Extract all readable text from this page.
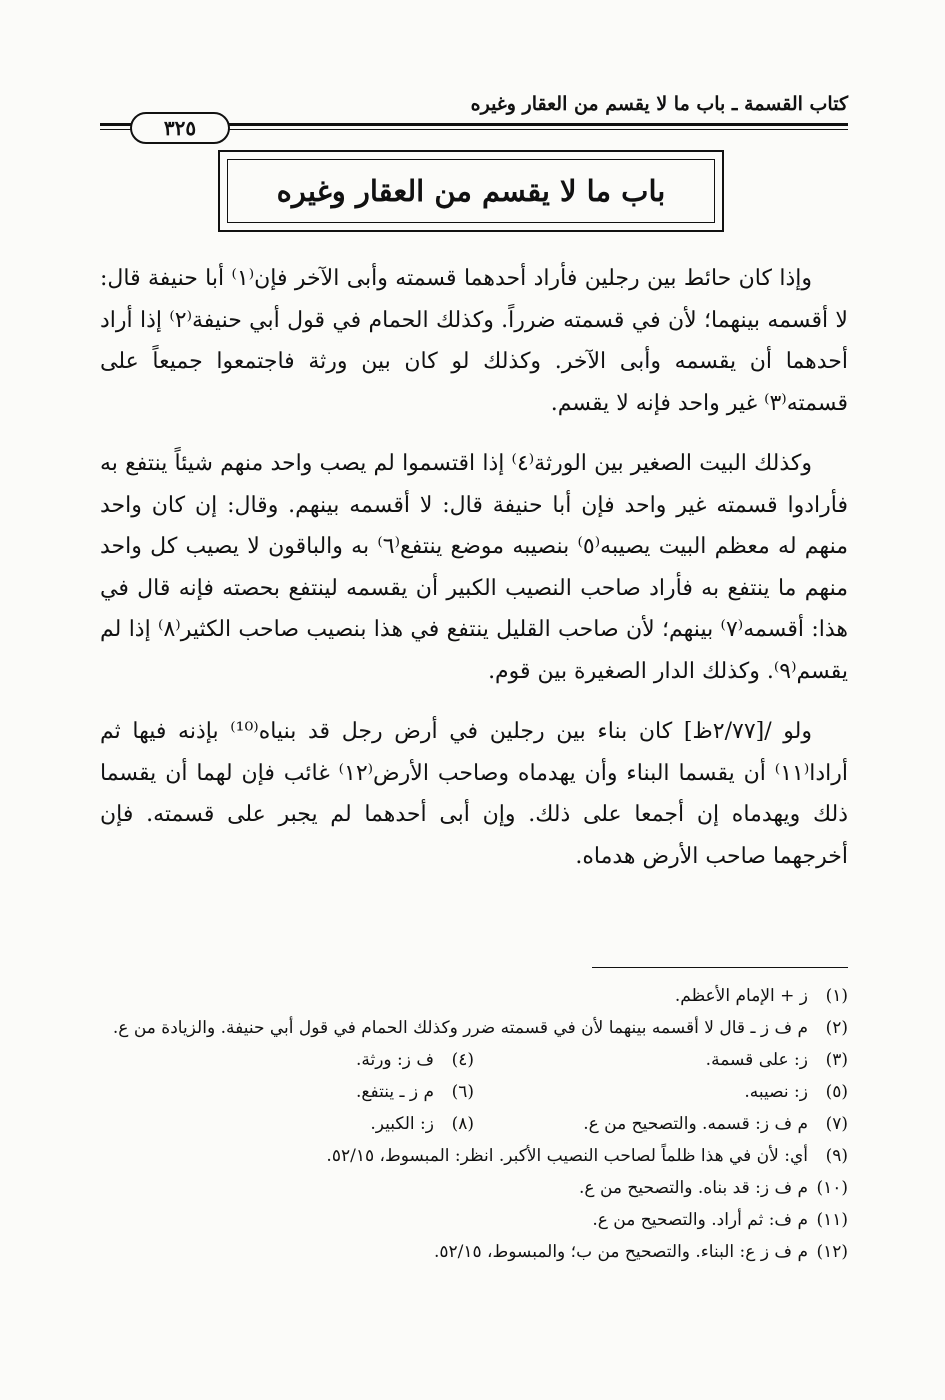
كتاب القسمة ـ باب ما لا يقسم من العقار وغيره
٣٢٥
باب ما لا يقسم من العقار وغيره

وإذا كان حائط بين رجلين فأراد أحدهما قسمته وأبى الآخر فإن⁽١⁾ أبا حنيفة قال: لا أقسمه بينهما؛ لأن في قسمته ضرراً. وكذلك الحمام في قول أبي حنيفة⁽٢⁾ إذا أراد أحدهما أن يقسمه وأبى الآخر. وكذلك لو كان بين ورثة فاجتمعوا جميعاً على قسمته⁽٣⁾ غير واحد فإنه لا يقسم.

وكذلك البيت الصغير بين الورثة⁽٤⁾ إذا اقتسموا لم يصب واحد منهم شيئاً ينتفع به فأرادوا قسمته غير واحد فإن أبا حنيفة قال: لا أقسمه بينهم. وقال: إن كان واحد منهم له معظم البيت يصيبه⁽٥⁾ بنصيبه موضع ينتفع⁽٦⁾ به والباقون لا يصيب كل واحد منهم ما ينتفع به فأراد صاحب النصيب الكبير أن يقسمه لينتفع بحصته فإنه قال في هذا: أقسمه⁽٧⁾ بينهم؛ لأن صاحب القليل ينتفع في هذا بنصيب صاحب الكثير⁽٨⁾ إذا لم يقسم⁽٩⁾. وكذلك الدار الصغيرة بين قوم.

ولو /[٢/٧٧ظ] كان بناء بين رجلين في أرض رجل قد بنياه⁽¹⁰⁾ بإذنه فيها ثم أرادا⁽١١⁾ أن يقسما البناء وأن يهدماه وصاحب الأرض⁽١٢⁾ غائب فإن لهما أن يقسما ذلك ويهدماه إن أجمعا على ذلك. وإن أبى أحدهما لم يجبر على قسمته. فإن أخرجهما صاحب الأرض هدماه.

(١)
ز + الإمام الأعظم.
(٢)
م ف ز ـ قال لا أقسمه بينهما لأن في قسمته ضرر وكذلك الحمام في قول أبي حنيفة. والزيادة من ع.
(٣)
ز: على قسمة.
(٤)
ف ز: ورثة.
(٥)
ز: نصيبه.
(٦)
م ز ـ ينتفع.
(٧)
م ف ز: قسمه. والتصحيح من ع.
(٨)
ز: الكبير.
(٩)
أي: لأن في هذا ظلماً لصاحب النصيب الأكبر. انظر: المبسوط، ٥٢/١٥.
(١٠)
م ف ز: قد بناه. والتصحيح من ع.
(١١)
م ف: ثم أراد. والتصحيح من ع.
(١٢)
م ف ز ع: البناء. والتصحيح من ب؛ والمبسوط، ٥٢/١٥.
